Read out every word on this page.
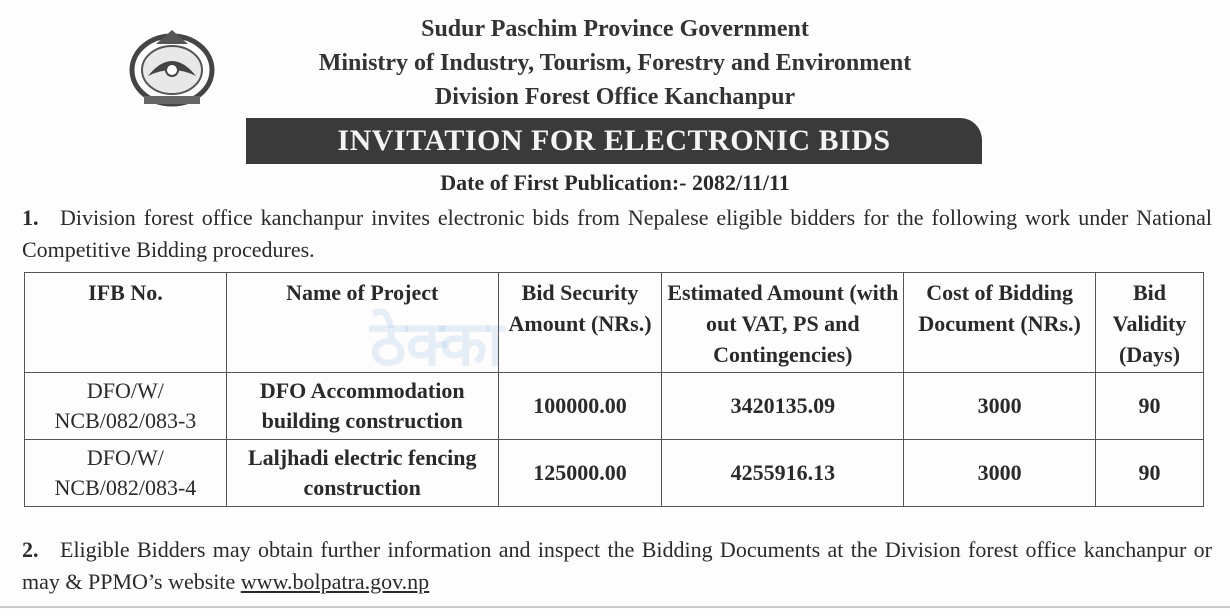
Sudur Paschim Province Government
Ministry of Industry, Tourism, Forestry and Environment
Division Forest Office Kanchanpur
INVITATION FOR ELECTRONIC BIDS
Date of First Publication:- 2082/11/11
1. Division forest office kanchanpur invites electronic bids from Nepalese eligible bidders for the following work under National Competitive Bidding procedures.
ठेक्का
IFB No.	Name of Project	Bid Security Amount (NRs.)	Estimated Amount (with out VAT, PS and Contingencies)	Cost of Bidding Document (NRs.)	Bid Validity (Days)
DFO/W/ NCB/082/083-3	DFO Accommodation building construction	100000.00	3420135.09	3000	90
DFO/W/ NCB/082/083-4	Laljhadi electric fencing construction	125000.00	4255916.13	3000	90
2. Eligible Bidders may obtain further information and inspect the Bidding Documents at the Division forest office kanchanpur or may & PPMO’s website www.bolpatra.gov.np
